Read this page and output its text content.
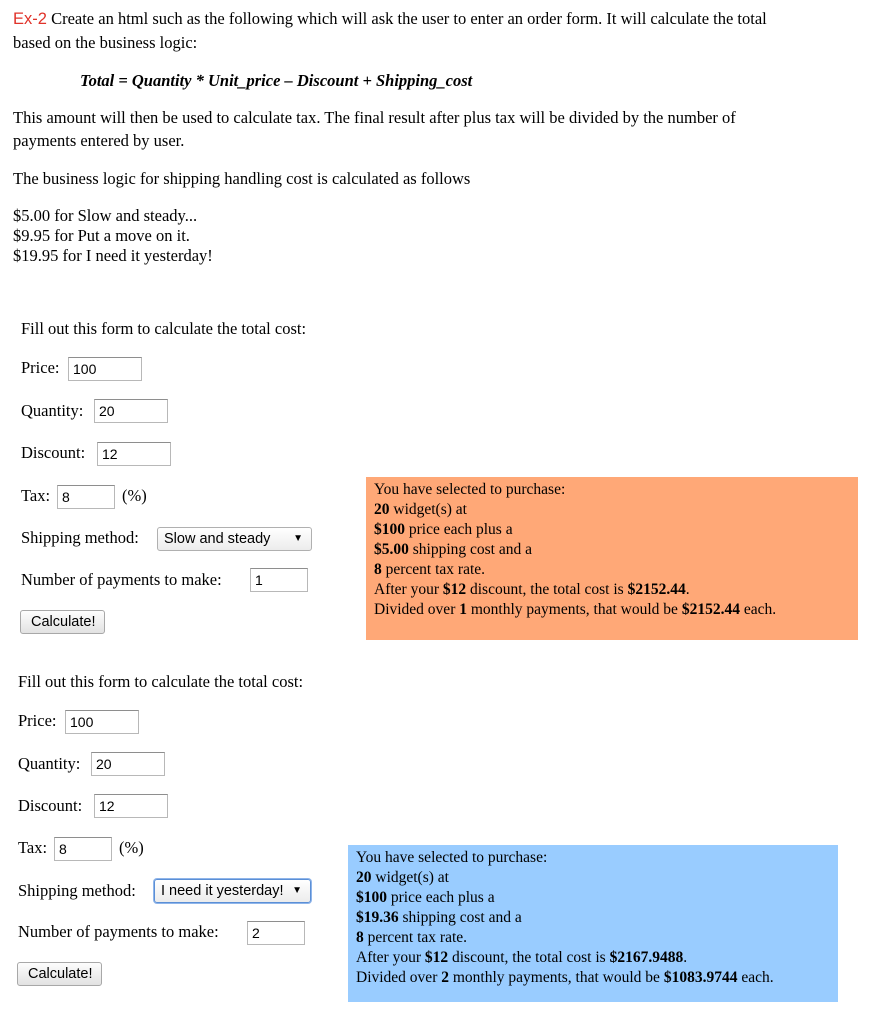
Ex-2 Create an html such as the following which will ask the user to enter an order form. It will calculate the total
based on the business logic:
Total = Quantity * Unit_price – Discount + Shipping_cost
This amount will then be used to calculate tax. The final result after plus tax will be divided by the number of
payments entered by user.
The business logic for shipping handling cost is calculated as follows
$5.00 for Slow and steady...
$9.95 for Put a move on it.
$19.95 for I need it yesterday!
Fill out this form to calculate the total cost:
Price:
100
Quantity:
20
Discount:
12
Tax:
8	(%)
Shipping method:	Slow and steady ▼
Number of payments to make:
1
Calculate!
You have selected to purchase:
20 widget(s) at
$100 price each plus a
$5.00 shipping cost and a
8 percent tax rate.
After your $12 discount, the total cost is $2152.44.
Divided over 1 monthly payments, that would be $2152.44 each.
Fill out this form to calculate the total cost:
Price:
100
Quantity:
20
Discount:
12
Tax:
8	(%)
Shipping method:	I need it yesterday! ▼
Number of payments to make:
2
Calculate!
You have selected to purchase:
20 widget(s) at
$100 price each plus a
$19.36 shipping cost and a
8 percent tax rate.
After your $12 discount, the total cost is $2167.9488.
Divided over 2 monthly payments, that would be $1083.9744 each.
